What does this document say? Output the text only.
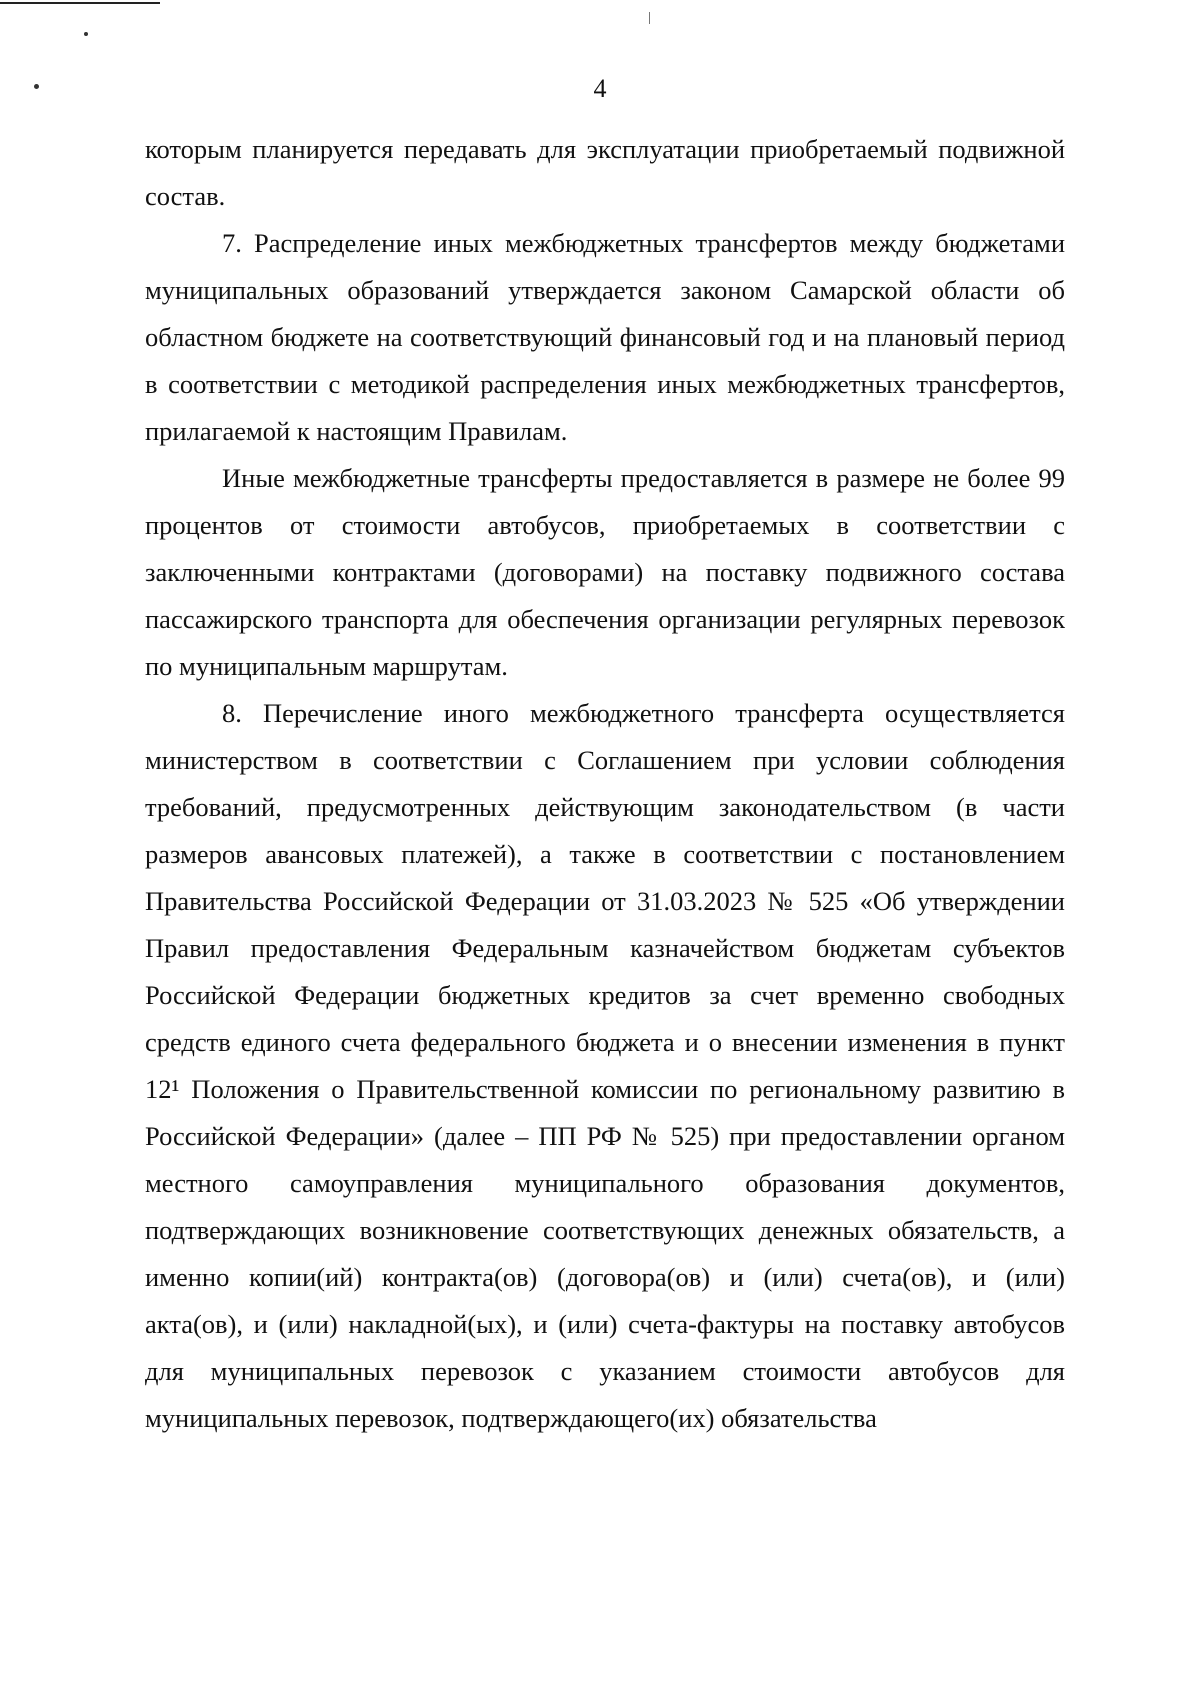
4

которым планируется передавать для эксплуатации приобретаемый подвижной состав.

7. Распределение иных межбюджетных трансфертов между бюджетами муниципальных образований утверждается законом Самарской области об областном бюджете на соответствующий финансовый год и на плановый период в соответствии с методикой распределения иных межбюджетных трансфертов, прилагаемой к настоящим Правилам.

Иные межбюджетные трансферты предоставляется в размере не более 99 процентов от стоимости автобусов, приобретаемых в соответствии с заключенными контрактами (договорами) на поставку подвижного состава пассажирского транспорта для обеспечения организации регулярных перевозок по муниципальным маршрутам.

8. Перечисление иного межбюджетного трансферта осуществляется министерством в соответствии с Соглашением при условии соблюдения требований, предусмотренных действующим законодательством (в части размеров авансовых платежей), а также в соответствии с постановлением Правительства Российской Федерации от 31.03.2023 № 525 «Об утверждении Правил предоставления Федеральным казначейством бюджетам субъектов Российской Федерации бюджетных кредитов за счет временно свободных средств единого счета федерального бюджета и о внесении изменения в пункт 12¹ Положения о Правительственной комиссии по региональному развитию в Российской Федерации» (далее – ПП РФ № 525) при предоставлении органом местного самоуправления муниципального образования документов, подтверждающих возникновение соответствующих денежных обязательств, а именно копии(ий) контракта(ов) (договора(ов) и (или) счета(ов), и (или) акта(ов), и (или) накладной(ых), и (или) счета-фактуры на поставку автобусов для муниципальных перевозок с указанием стоимости автобусов для муниципальных перевозок, подтверждающего(их) обязательства
